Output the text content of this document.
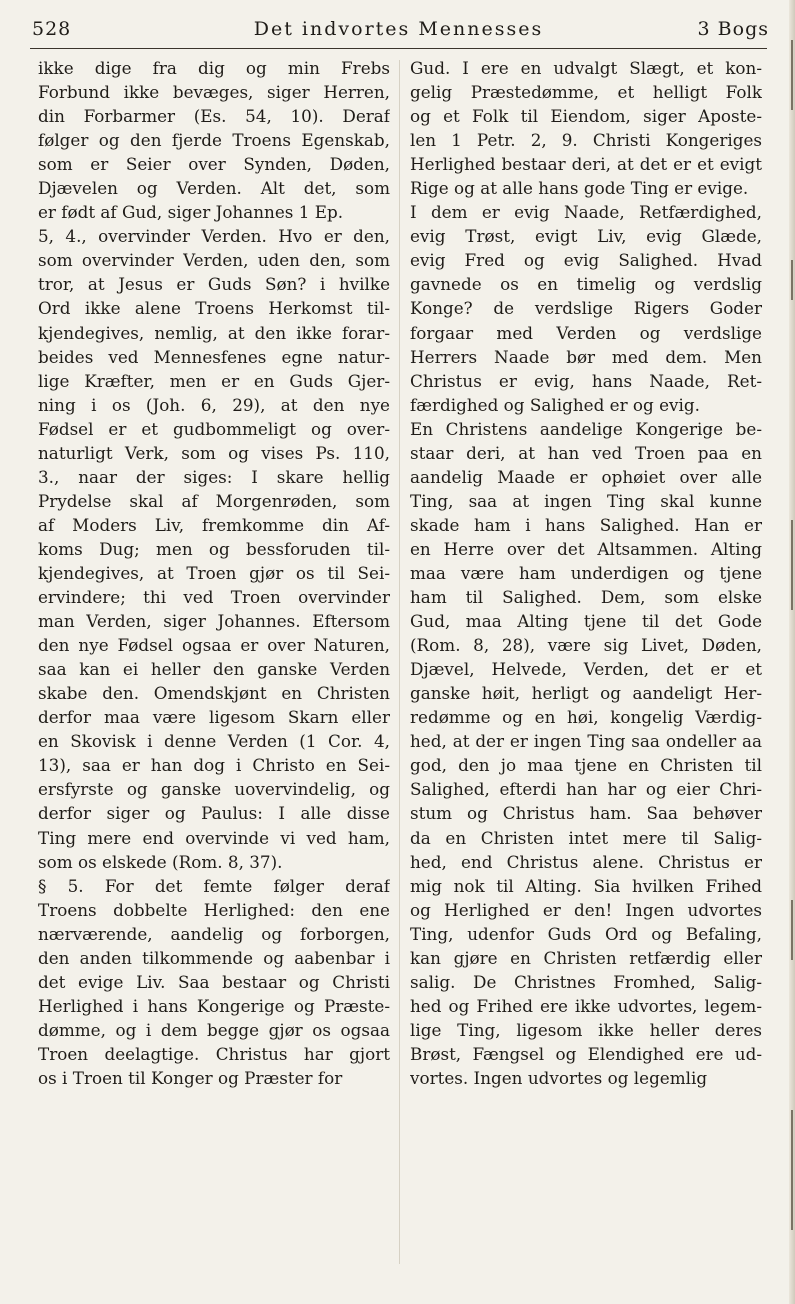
528	Det indvortes Mennesses	3 Bogs
ikke dige fra dig og min Frebs
Forbund ikke bevæges, siger Herren,
din Forbarmer (Es. 54, 10). Deraf
følger og den fjerde Troens Egenskab,
som er Seier over Synden, Døden,
Djævelen og Verden. Alt det, som
er født af Gud, siger Johannes 1 Ep.
5, 4., overvinder Verden. Hvo er den,
som overvinder Verden, uden den, som
tror, at Jesus er Guds Søn? i hvilke
Ord ikke alene Troens Herkomst til-
kjendegives, nemlig, at den ikke forar-
beides ved Mennesfenes egne natur-
lige Kræfter, men er en Guds Gjer-
ning i os (Joh. 6, 29), at den nye
Fødsel er et gudbommeligt og over-
naturligt Verk, som og vises Ps. 110,
3., naar der siges: I skare hellig
Prydelse skal af Morgenrøden, som
af Moders Liv, fremkomme din Af-
koms Dug; men og bessforuden til-
kjendegives, at Troen gjør os til Sei-
ervindere; thi ved Troen overvinder
man Verden, siger Johannes. Eftersom
den nye Fødsel ogsaa er over Naturen,
saa kan ei heller den ganske Verden
skabe den. Omendskjønt en Christen
derfor maa være ligesom Skarn eller
en Skovisk i denne Verden (1 Cor. 4,
13), saa er han dog i Christo en Sei-
ersfyrste og ganske uovervindelig, og
derfor siger og Paulus: I alle disse
Ting mere end overvinde vi ved ham,
som os elskede (Rom. 8, 37).
§ 5. For det femte følger deraf
Troens dobbelte Herlighed: den ene
nærværende, aandelig og forborgen,
den anden tilkommende og aabenbar i
det evige Liv. Saa bestaar og Christi
Herlighed i hans Kongerige og Præste-
dømme, og i dem begge gjør os ogsaa
Troen deelagtige. Christus har gjort
os i Troen til Konger og Præster for
Gud. I ere en udvalgt Slægt, et kon-
gelig Præstedømme, et helligt Folk
og et Folk til Eiendom, siger Aposte-
len 1 Petr. 2, 9. Christi Kongeriges
Herlighed bestaar deri, at det er et evigt
Rige og at alle hans gode Ting er evige.
I dem er evig Naade, Retfærdighed,
evig Trøst, evigt Liv, evig Glæde,
evig Fred og evig Salighed. Hvad
gavnede os en timelig og verdslig
Konge? de verdslige Rigers Goder
forgaar med Verden og verdslige
Herrers Naade bør med dem. Men
Christus er evig, hans Naade, Ret-
færdighed og Salighed er og evig.
En Christens aandelige Kongerige be-
staar deri, at han ved Troen paa en
aandelig Maade er ophøiet over alle
Ting, saa at ingen Ting skal kunne
skade ham i hans Salighed. Han er
en Herre over det Altsammen. Alting
maa være ham underdigen og tjene
ham til Salighed. Dem, som elske
Gud, maa Alting tjene til det Gode
(Rom. 8, 28), være sig Livet, Døden,
Djævel, Helvede, Verden, det er et
ganske høit, herligt og aandeligt Her-
redømme og en høi, kongelig Værdig-
hed, at der er ingen Ting saa ondeller aa
god, den jo maa tjene en Christen til
Salighed, efterdi han har og eier Chri-
stum og Christus ham. Saa behøver
da en Christen intet mere til Salig-
hed, end Christus alene. Christus er
mig nok til Alting. Sia hvilken Frihed
og Herlighed er den! Ingen udvortes
Ting, udenfor Guds Ord og Befaling,
kan gjøre en Christen retfærdig eller
salig. De Christnes Fromhed, Salig-
hed og Frihed ere ikke udvortes, legem-
lige Ting, ligesom ikke heller deres
Brøst, Fængsel og Elendighed ere ud-
vortes. Ingen udvortes og legemlig
